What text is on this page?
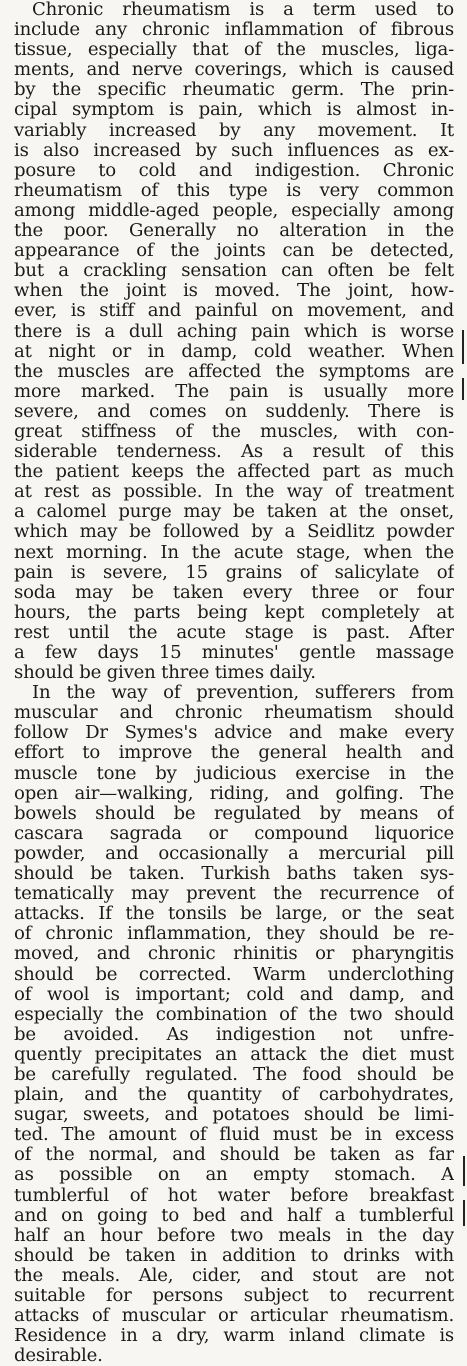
Chronic rheumatism is a term used to
include any chronic inflammation of fibrous
tissue, especially that of the muscles, liga-
ments, and nerve coverings, which is caused
by the specific rheumatic germ. The prin-
cipal symptom is pain, which is almost in-
variably increased by any movement. It
is also increased by such influences as ex-
posure to cold and indigestion. Chronic
rheumatism of this type is very common
among middle-aged people, especially among
the poor. Generally no alteration in the
appearance of the joints can be detected,
but a crackling sensation can often be felt
when the joint is moved. The joint, how-
ever, is stiff and painful on movement, and
there is a dull aching pain which is worse
at night or in damp, cold weather. When
the muscles are affected the symptoms are
more marked. The pain is usually more
severe, and comes on suddenly. There is
great stiffness of the muscles, with con-
siderable tenderness. As a result of this
the patient keeps the affected part as much
at rest as possible. In the way of treatment
a calomel purge may be taken at the onset,
which may be followed by a Seidlitz powder
next morning. In the acute stage, when the
pain is severe, 15 grains of salicylate of
soda may be taken every three or four
hours, the parts being kept completely at
rest until the acute stage is past. After
a few days 15 minutes' gentle massage
should be given three times daily.
In the way of prevention, sufferers from
muscular and chronic rheumatism should
follow Dr Symes's advice and make every
effort to improve the general health and
muscle tone by judicious exercise in the
open air—walking, riding, and golfing. The
bowels should be regulated by means of
cascara sagrada or compound liquorice
powder, and occasionally a mercurial pill
should be taken. Turkish baths taken sys-
tematically may prevent the recurrence of
attacks. If the tonsils be large, or the seat
of chronic inflammation, they should be re-
moved, and chronic rhinitis or pharyngitis
should be corrected. Warm underclothing
of wool is important; cold and damp, and
especially the combination of the two should
be avoided. As indigestion not unfre-
quently precipitates an attack the diet must
be carefully regulated. The food should be
plain, and the quantity of carbohydrates,
sugar, sweets, and potatoes should be limi-
ted. The amount of fluid must be in excess
of the normal, and should be taken as far
as possible on an empty stomach. A
tumblerful of hot water before breakfast
and on going to bed and half a tumblerful
half an hour before two meals in the day
should be taken in addition to drinks with
the meals. Ale, cider, and stout are not
suitable for persons subject to recurrent
attacks of muscular or articular rheumatism.
Residence in a dry, warm inland climate is
desirable.
